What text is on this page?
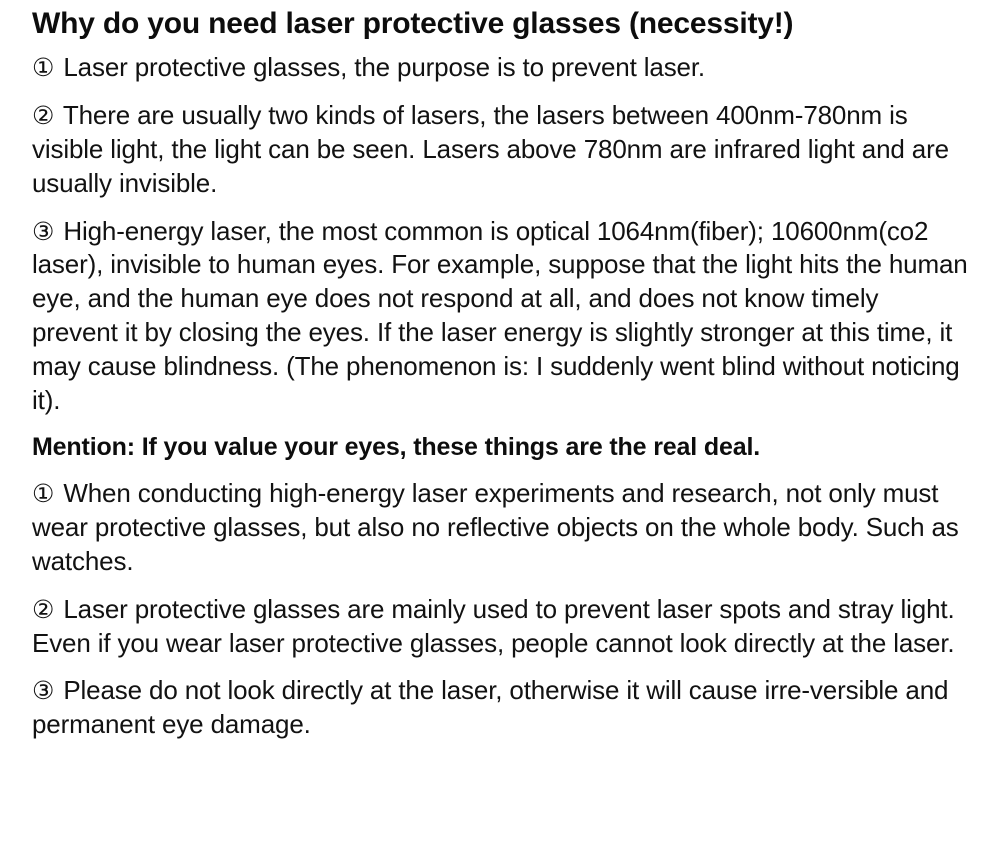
Why do you need laser protective glasses (necessity!)

① Laser protective glasses, the purpose is to prevent laser.

② There are usually two kinds of lasers, the lasers between 400nm-780nm is visible light, the light can be seen. Lasers above 780nm are infrared light and are usually invisible.

③ High-energy laser, the most common is optical 1064nm(fiber); 10600nm(co2 laser), invisible to human eyes. For example, suppose that the light hits the human eye, and the human eye does not respond at all, and does not know timely prevent it by closing the eyes. If the laser energy is slightly stronger at this time, it may cause blindness. (The phenomenon is: I suddenly went blind without noticing it).

Mention: If you value your eyes, these things are the real deal.

① When conducting high-energy laser experiments and research, not only must wear protective glasses, but also no reflective objects on the whole body. Such as watches.

② Laser protective glasses are mainly used to prevent laser spots and stray light. Even if you wear laser protective glasses, people cannot look directly at the laser.

③ Please do not look directly at the laser, otherwise it will cause irre-versible and permanent eye damage.
